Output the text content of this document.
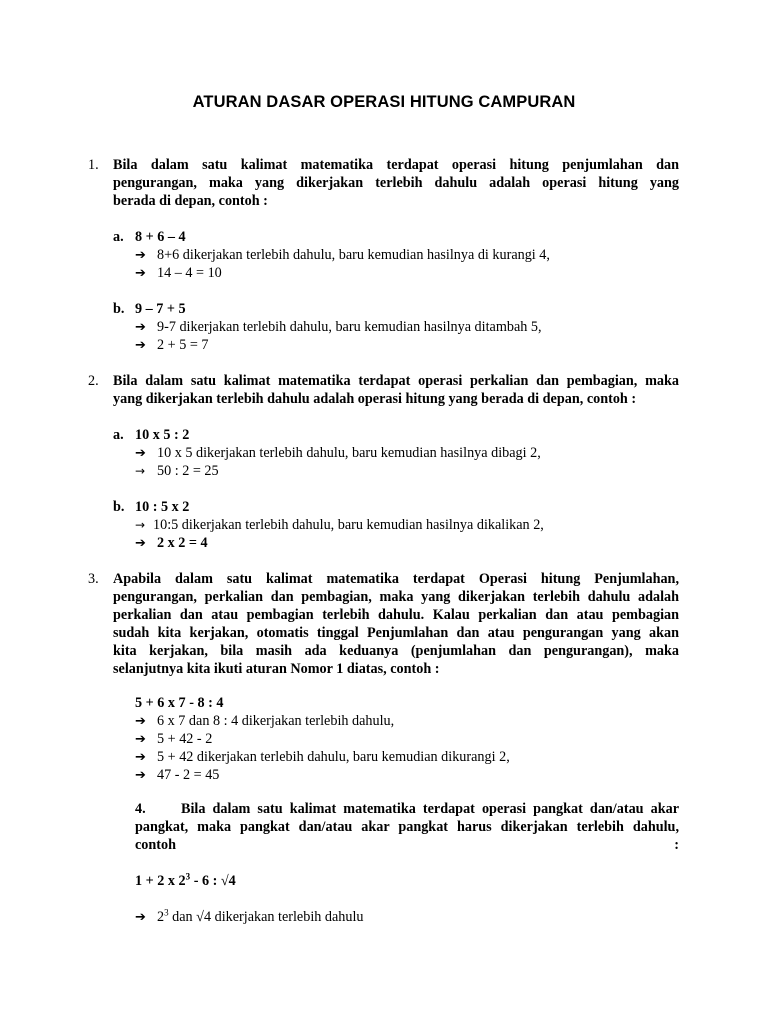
ATURAN DASAR OPERASI HITUNG CAMPURAN
1. Bila dalam satu kalimat matematika terdapat operasi hitung penjumlahan dan
pengurangan, maka yang dikerjakan terlebih dahulu adalah operasi hitung yang
berada di depan, contoh :
a. 8 + 6 – 4
➔ 8+6 dikerjakan terlebih dahulu, baru kemudian hasilnya di kurangi 4,
➔ 14 – 4 = 10
b. 9 – 7 + 5
➔ 9-7 dikerjakan terlebih dahulu, baru kemudian hasilnya ditambah 5,
➔ 2 + 5 = 7
2. Bila dalam satu kalimat matematika terdapat operasi perkalian dan pembagian, maka
yang dikerjakan terlebih dahulu adalah operasi hitung yang berada di depan, contoh :
a. 10 x 5 : 2
➔ 10 x 5 dikerjakan terlebih dahulu, baru kemudian hasilnya dibagi 2,
→ 50 : 2 = 25
b. 10 : 5 x 2
→ 10:5 dikerjakan terlebih dahulu, baru kemudian hasilnya dikalikan 2,
➔ 2 x 2 = 4
3. Apabila dalam satu kalimat matematika terdapat Operasi hitung Penjumlahan,
pengurangan, perkalian dan pembagian, maka yang dikerjakan terlebih dahulu adalah
perkalian dan atau pembagian terlebih dahulu. Kalau perkalian dan atau pembagian
sudah kita kerjakan, otomatis tinggal Penjumlahan dan atau pengurangan yang akan
kita kerjakan, bila masih ada keduanya (penjumlahan dan pengurangan), maka
selanjutnya kita ikuti aturan Nomor 1 diatas, contoh :
5 + 6 x 7 - 8 : 4
➔ 6 x 7 dan 8 : 4 dikerjakan terlebih dahulu,
➔ 5 + 42 - 2
➔ 5 + 42 dikerjakan terlebih dahulu, baru kemudian dikurangi 2,
➔ 47 - 2 = 45
4. Bila dalam satu kalimat matematika terdapat operasi pangkat dan/atau akar
pangkat, maka pangkat dan/atau akar pangkat harus dikerjakan terlebih dahulu,
contoh	:
1 + 2 x $2^3 - 6$ : √4
➔ $2^3$ dan √4 dikerjakan terlebih dahulu
